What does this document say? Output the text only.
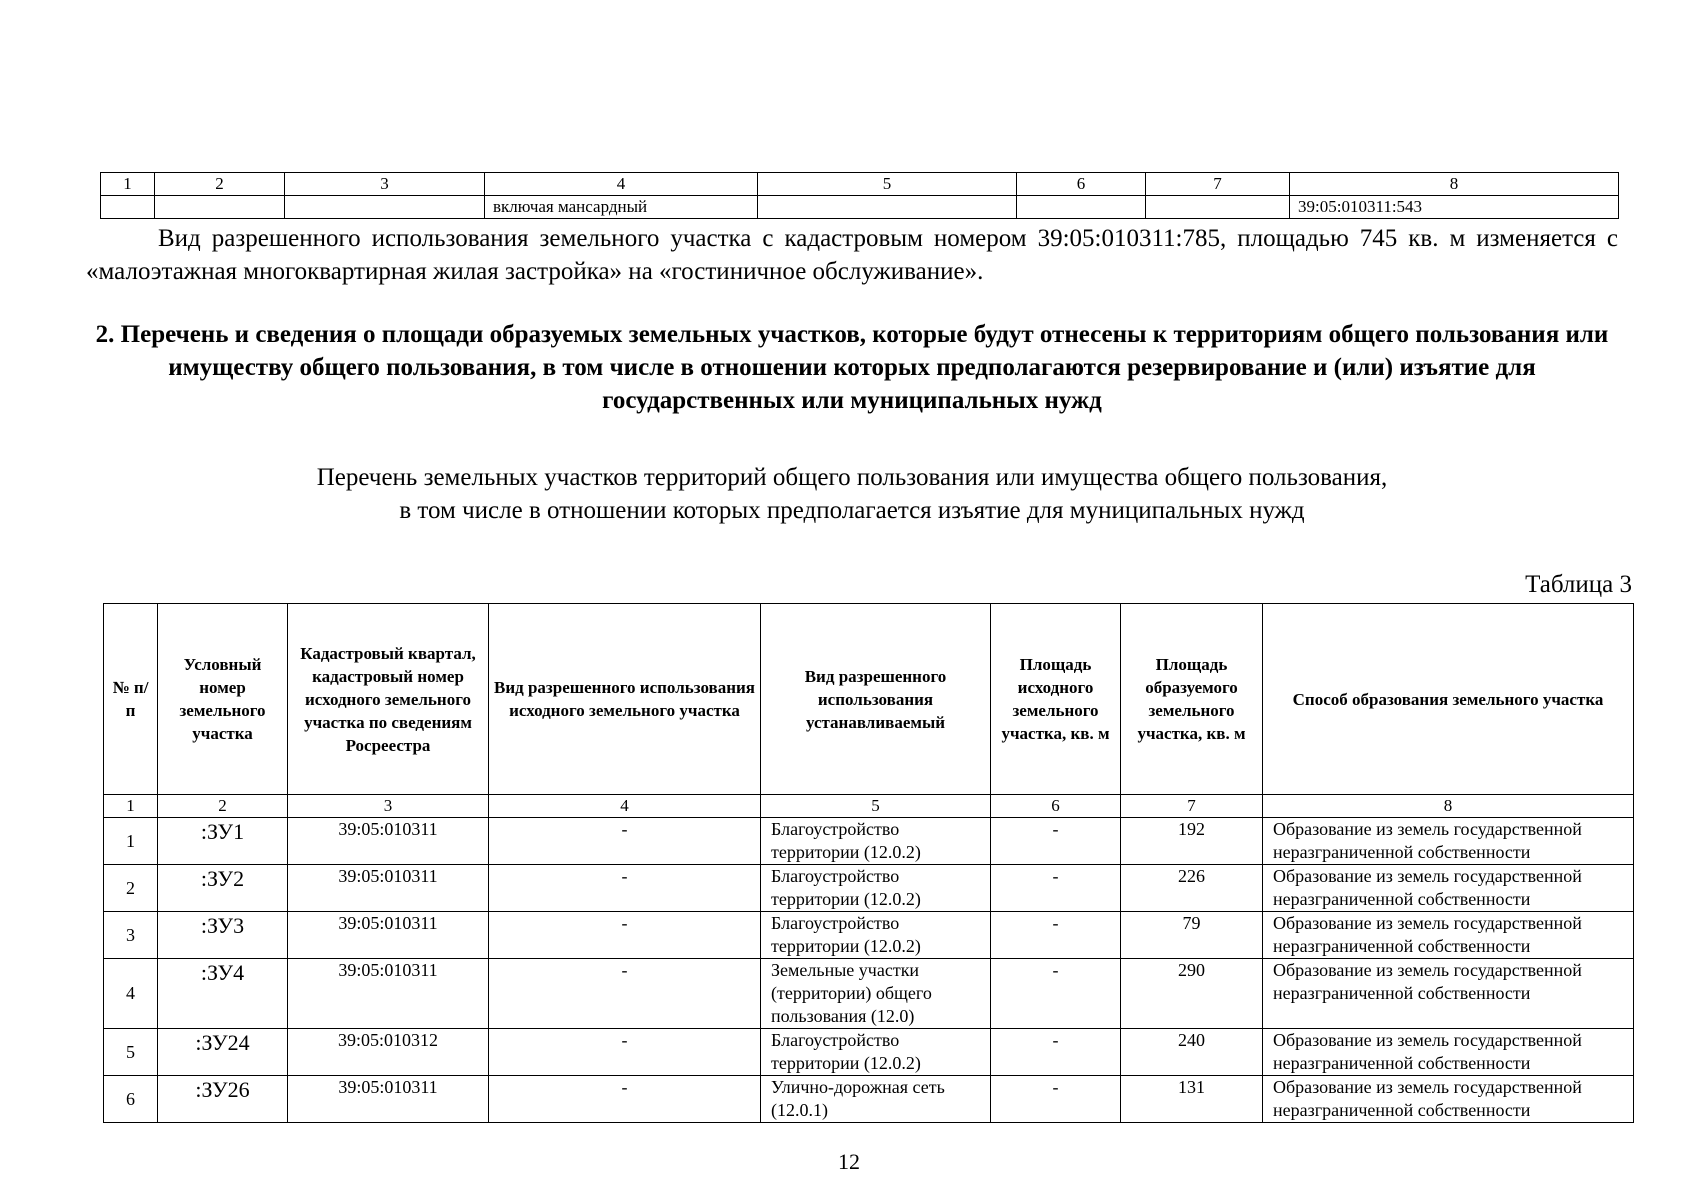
1	2	3	4	5	6	7	8
			включая мансардный				39:05:010311:543

Вид разрешенного использования земельного участка с кадастровым номером 39:05:010311:785, площадью 745 кв. м изменяется с «малоэтажная многоквартирная жилая застройка» на «гостиничное обслуживание».

2. Перечень и сведения о площади образуемых земельных участков, которые будут отнесены к территориям общего пользования или имуществу общего пользования, в том числе в отношении которых предполагаются резервирование и (или) изъятие для государственных или муниципальных нужд
Перечень земельных участков территорий общего пользования или имущества общего пользования,
в том числе в отношении которых предполагается изъятие для муниципальных нужд
Таблица 3
№ п/п	Условный номер земельного участка	Кадастровый квартал, кадастровый номер исходного земельного участка по сведениям Росреестра	Вид разрешенного использования исходного земельного участка	Вид разрешенного использования устанавливаемый	Площадь исходного земельного участка, кв. м	Площадь образуемого земельного участка, кв. м	Способ образования земельного участка
1	2	3	4	5	6	7	8
1	:ЗУ1	39:05:010311	-	Благоустройство территории (12.0.2)	-	192	Образование из земель государственной неразграниченной собственности
2	:ЗУ2	39:05:010311	-	Благоустройство территории (12.0.2)	-	226	Образование из земель государственной неразграниченной собственности
3	:ЗУ3	39:05:010311	-	Благоустройство территории (12.0.2)	-	79	Образование из земель государственной неразграниченной собственности
4	:ЗУ4	39:05:010311	-	Земельные участки (территории) общего пользования (12.0)	-	290	Образование из земель государственной неразграниченной собственности
5	:ЗУ24	39:05:010312	-	Благоустройство территории (12.0.2)	-	240	Образование из земель государственной неразграниченной собственности
6	:ЗУ26	39:05:010311	-	Улично-дорожная сеть (12.0.1)	-	131	Образование из земель государственной неразграниченной собственности
12
